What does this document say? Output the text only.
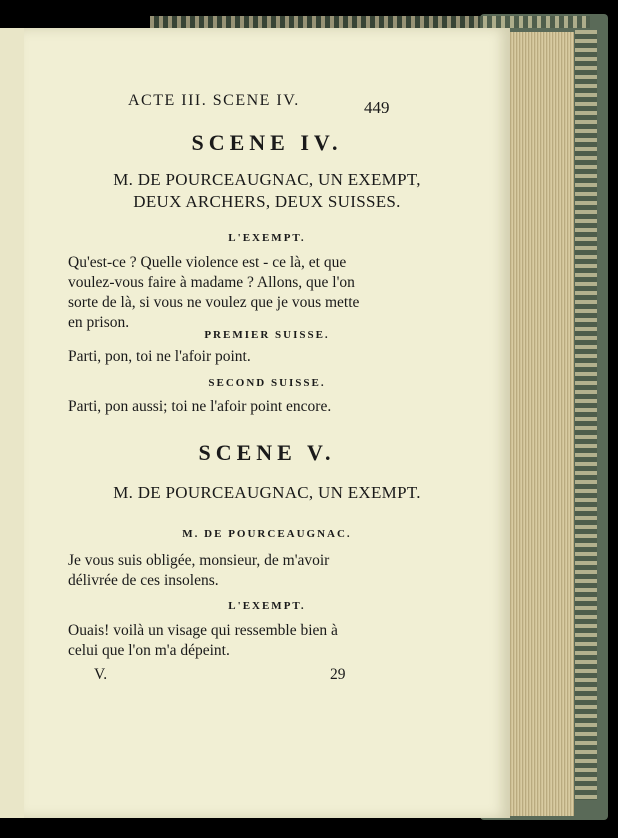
ACTE III. SCENE IV.	449
SCENE IV.
M. DE POURCEAUGNAC, UN EXEMPT,
DEUX ARCHERS, DEUX SUISSES.
L'EXEMPT.
Qu'est-ce ? Quelle violence est - ce là, et que
voulez-vous faire à madame ? Allons, que l'on
sorte de là, si vous ne voulez que je vous mette
en prison.
PREMIER SUISSE.
Parti, pon, toi ne l'afoir point.
SECOND SUISSE.
Parti, pon aussi; toi ne l'afoir point encore.
SCENE V.
M. DE POURCEAUGNAC, UN EXEMPT.
M. DE POURCEAUGNAC.
Je vous suis obligée, monsieur, de m'avoir
délivrée de ces insolens.
L'EXEMPT.
Ouais! voilà un visage qui ressemble bien à
celui que l'on m'a dépeint.
V.	29
